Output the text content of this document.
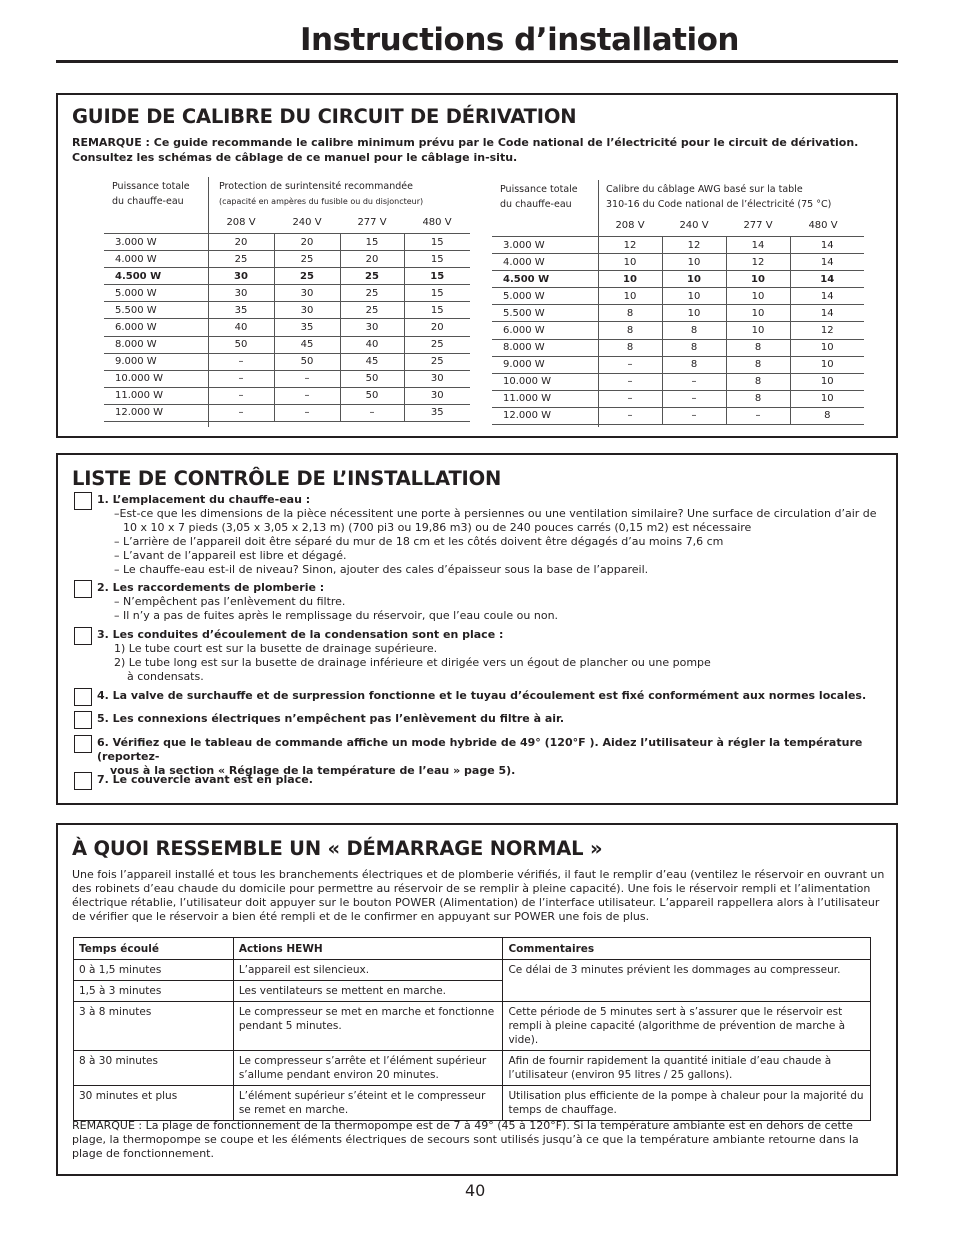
Instructions d’installation
GUIDE DE CALIBRE DU CIRCUIT DE DÉRIVATION
REMARQUE : Ce guide recommande le calibre minimum prévu par le Code national de l’électricité pour le circuit de dérivation. Consultez les schémas de câblage de ce manuel pour le câblage in-situ.
Puissance totale
du chauffe-eau
Protection de surintensité recommandée
(capacité en ampères du fusible ou du disjoncteur)
208 V	240 V	277 V	480 V
3.000 W	20	20	15	15
4.000 W	25	25	20	15
4.500 W	30	25	25	15
5.000 W	30	30	25	15
5.500 W	35	30	25	15
6.000 W	40	35	30	20
8.000 W	50	45	40	25
9.000 W	–	50	45	25
10.000 W	–	–	50	30
11.000 W	–	–	50	30
12.000 W	–	–	–	35
Puissance totale
du chauffe-eau
Calibre du câblage AWG basé sur la table
310-16 du Code national de l’électricité (75 °C)
208 V	240 V	277 V	480 V
3.000 W	12	12	14	14
4.000 W	10	10	12	14
4.500 W	10	10	10	14
5.000 W	10	10	10	14
5.500 W	8	10	10	14
6.000 W	8	8	10	12
8.000 W	8	8	8	10
9.000 W	–	8	8	10
10.000 W	–	–	8	10
11.000 W	–	–	8	10
12.000 W	–	–	–	8
LISTE DE CONTRÔLE DE L’INSTALLATION
1. L’emplacement du chauffe-eau :
–Est-ce que les dimensions de la pièce nécessitent une porte à persiennes ou une ventilation similaire? Une surface de circulation d’air de
10 x 10 x 7 pieds (3,05 x 3,05 x 2,13 m) (700 pi3 ou 19,86 m3) ou de 240 pouces carrés (0,15 m2) est nécessaire
– L’arrière de l’appareil doit être séparé du mur de 18 cm et les côtés doivent être dégagés d’au moins 7,6 cm
– L’avant de l’appareil est libre et dégagé.
– Le chauffe-eau est-il de niveau? Sinon, ajouter des cales d’épaisseur sous la base de l’appareil.
2. Les raccordements de plomberie :
– N’empêchent pas l’enlèvement du filtre.
– Il n’y a pas de fuites après le remplissage du réservoir, que l’eau coule ou non.
3. Les conduites d’écoulement de la condensation sont en place :
1) Le tube court est sur la busette de drainage supérieure.
2) Le tube long est sur la busette de drainage inférieure et dirigée vers un égout de plancher ou une pompe
à condensats.
4. La valve de surchauffe et de surpression fonctionne et le tuyau d’écoulement est fixé conformément aux normes locales.
5. Les connexions électriques n’empêchent pas l’enlèvement du filtre à air.
6. Vérifiez que le tableau de commande affiche un mode hybride de 49° (120°F ). Aidez l’utilisateur à régler la température (reportez-
vous à la section « Réglage de la température de l’eau » page 5).
7. Le couvercle avant est en place.
À QUOI RESSEMBLE UN « DÉMARRAGE NORMAL »
Une fois l’appareil installé et tous les branchements électriques et de plomberie vérifiés, il faut le remplir d’eau (ventilez le réservoir en ouvrant un des robinets d’eau chaude du domicile pour permettre au réservoir de se remplir à pleine capacité). Une fois le réservoir rempli et l’alimentation électrique rétablie, l’utilisateur doit appuyer sur le bouton POWER (Alimentation) de l’interface utilisateur. L’appareil rappellera alors à l’utilisateur de vérifier que le réservoir a bien été rempli et de le confirmer en appuyant sur POWER une fois de plus.
Temps écoulé	Actions HEWH	Commentaires
0 à 1,5 minutes	L’appareil est silencieux.	Ce délai de 3 minutes prévient les dommages au compresseur.
1,5 à 3 minutes	Les ventilateurs se mettent en marche.	
3 à 8 minutes	Le compresseur se met en marche et fonctionne pendant 5 minutes.	Cette période de 5 minutes sert à s’assurer que le réservoir est rempli à pleine capacité (algorithme de prévention de marche à vide).
8 à 30 minutes	Le compresseur s’arrête et l’élément supérieur s’allume pendant environ 20 minutes.	Afin de fournir rapidement la quantité initiale d’eau chaude à l’utilisateur (environ 95 litres / 25 gallons).
30 minutes et plus	L’élément supérieur s’éteint et le compresseur se remet en marche.	Utilisation plus efficiente de la pompe à chaleur pour la majorité du temps de chauffage.
REMARQUE : La plage de fonctionnement de la thermopompe est de 7 à 49° (45 à 120°F). Si la température ambiante est en dehors de cette plage, la thermopompe se coupe et les éléments électriques de secours sont utilisés jusqu’à ce que la température ambiante retourne dans la plage de fonctionnement.
40
